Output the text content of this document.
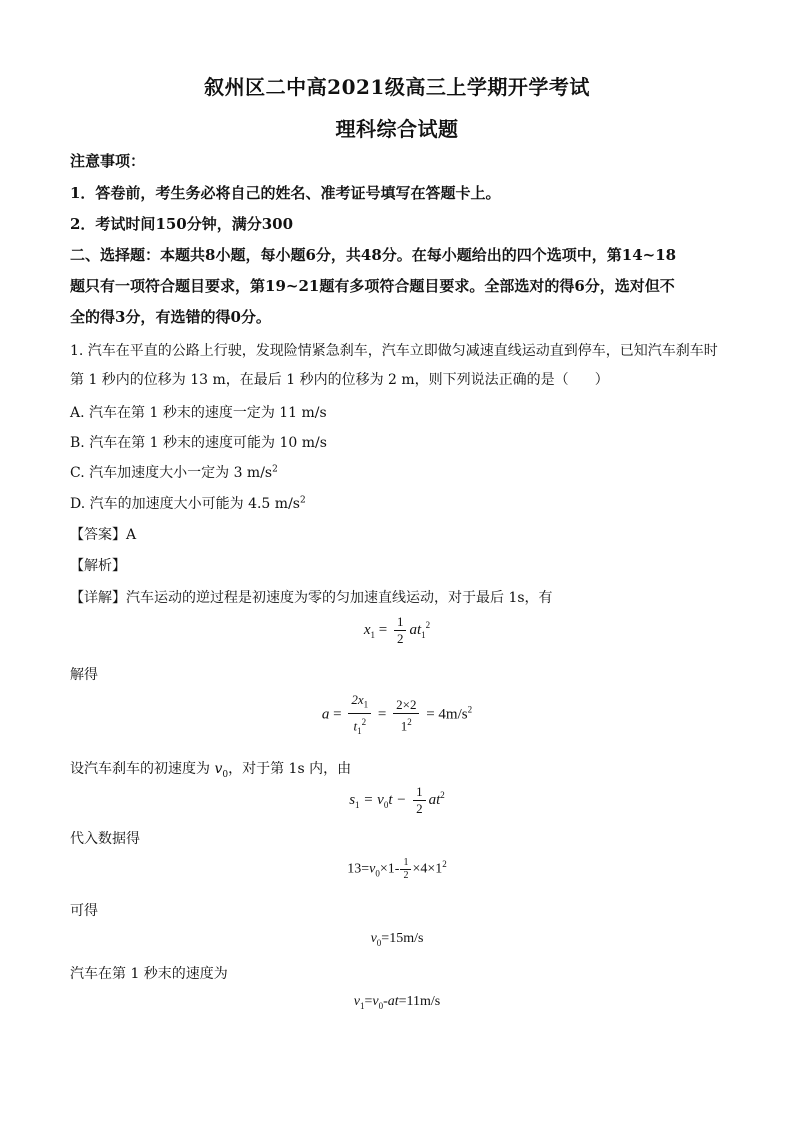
叙州区二中高2021级高三上学期开学考试
理科综合试题
注意事项：
1．答卷前，考生务必将自己的姓名、准考证号填写在答题卡上。
2．考试时间150分钟，满分300
二、选择题：本题共8小题，每小题6分，共48分。在每小题给出的四个选项中，第14~18
题只有一项符合题目要求，第19~21题有多项符合题目要求。全部选对的得6分，选对但不
全的得3分，有选错的得0分。
1. 汽车在平直的公路上行驶，发现险情紧急刹车，汽车立即做匀减速直线运动直到停车，已知汽车刹车时
第 1 秒内的位移为 13 m，在最后 1 秒内的位移为 2 m，则下列说法正确的是（ ）
A. 汽车在第 1 秒末的速度一定为 11 m/s
B. 汽车在第 1 秒末的速度可能为 10 m/s
C. 汽车加速度大小一定为 3 $m/s^2$
D. 汽车的加速度大小可能为 4.5 $m/s^2$
【答案】A
【解析】
【详解】汽车运动的逆过程是初速度为零的匀加速直线运动，对于最后 1s，有
$x_1 = \frac{1}{2} at_1^2$
解得
$a = \frac{2x_1}{t_1^2} = \frac{2\times 2}{1^2} = 4m/s^2$
设汽车刹车的初速度为 $v_0$，对于第 1s 内，由
$s_1 = v_0t - \frac{1}{2} at^2$
代入数据得
$13=v_0\times 1- \frac{1}{2} \times 4\times 1^2$
可得
$v_0=15m/s$
汽车在第 1 秒末的速度为
$v_1=v_0-at=11m/s$
